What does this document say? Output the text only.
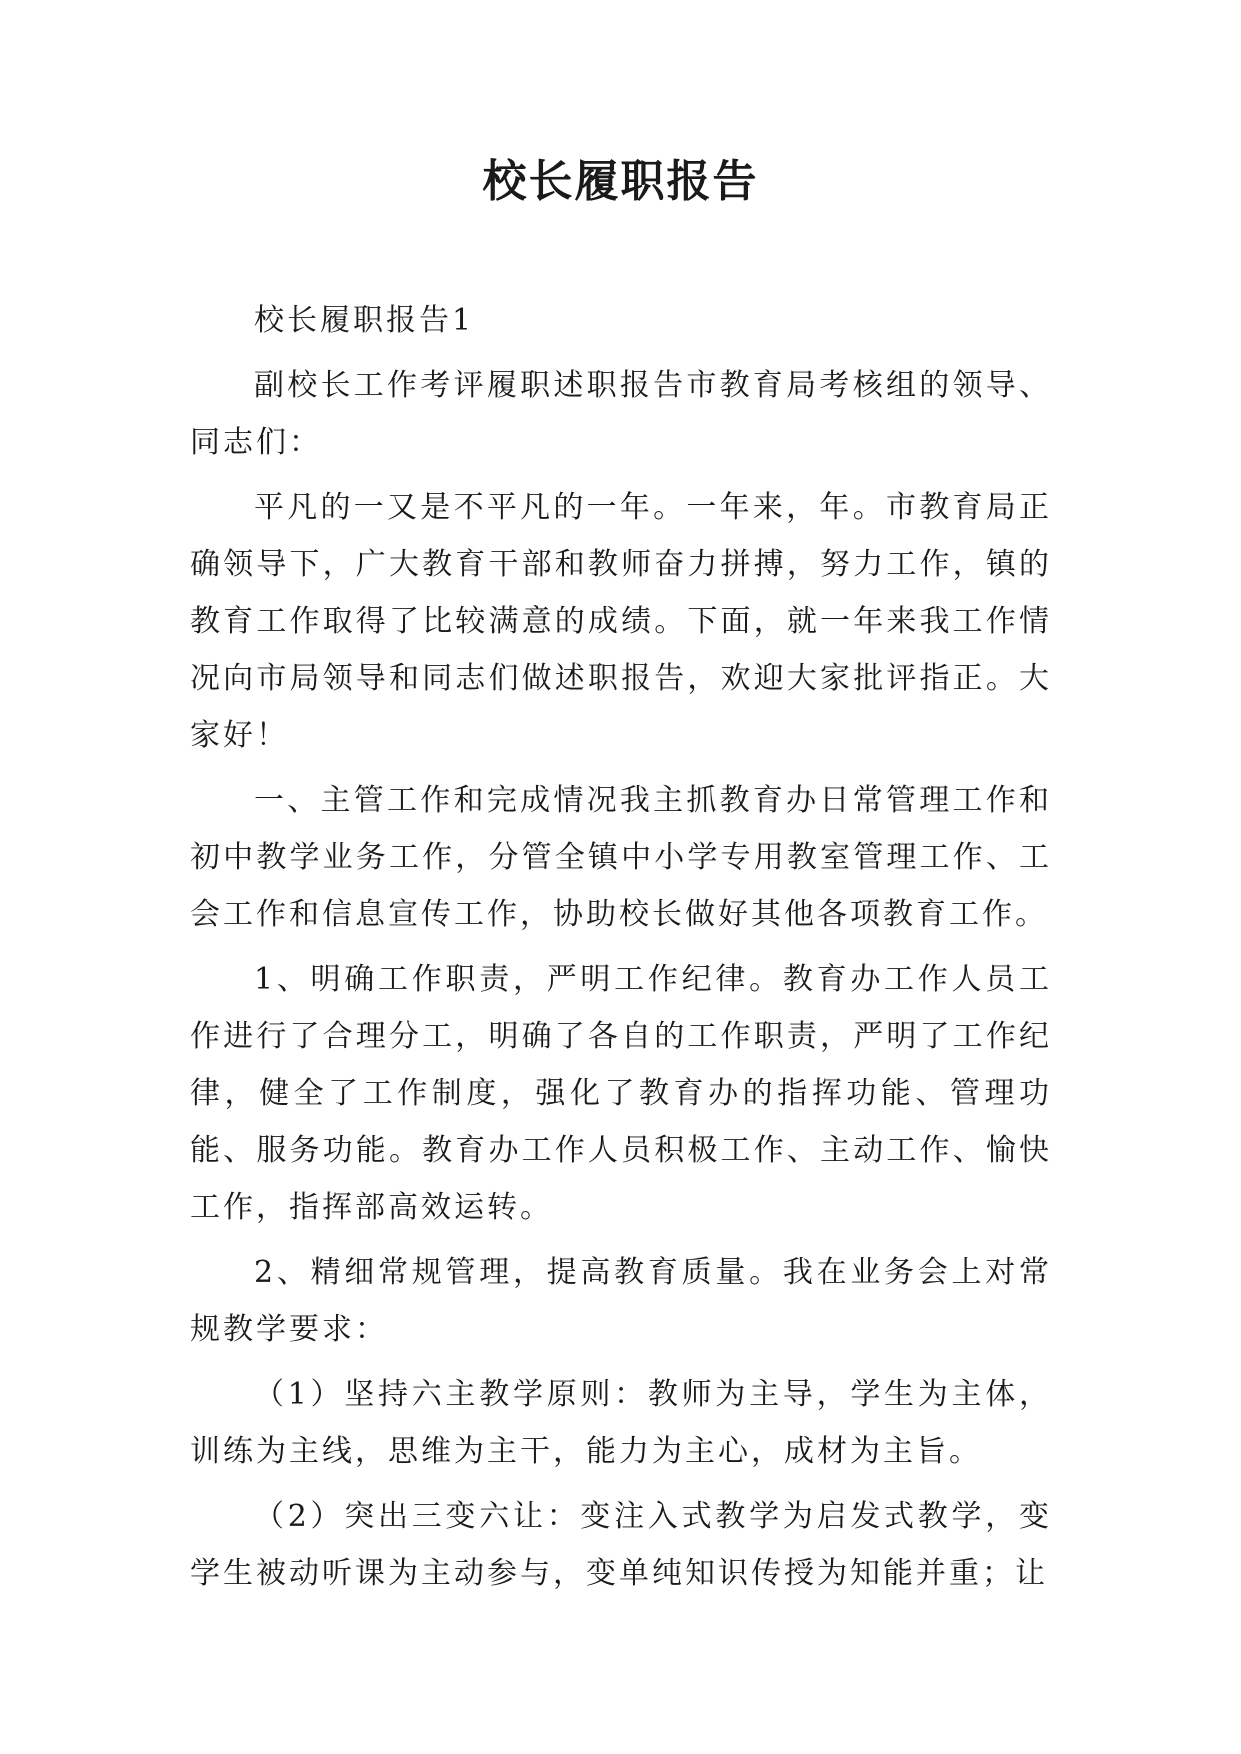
校长履职报告

校长履职报告1

副校长工作考评履职述职报告市教育局考核组的领导、同志们：

平凡的一又是不平凡的一年。一年来，年。市教育局正确领导下，广大教育干部和教师奋力拼搏，努力工作，镇的教育工作取得了比较满意的成绩。下面，就一年来我工作情况向市局领导和同志们做述职报告，欢迎大家批评指正。大家好！

一、主管工作和完成情况我主抓教育办日常管理工作和初中教学业务工作，分管全镇中小学专用教室管理工作、工会工作和信息宣传工作，协助校长做好其他各项教育工作。

1、明确工作职责，严明工作纪律。教育办工作人员工作进行了合理分工，明确了各自的工作职责，严明了工作纪律，健全了工作制度，强化了教育办的指挥功能、管理功能、服务功能。教育办工作人员积极工作、主动工作、愉快工作，指挥部高效运转。

2、精细常规管理，提高教育质量。我在业务会上对常规教学要求：

（1）坚持六主教学原则：教师为主导，学生为主体，训练为主线，思维为主干，能力为主心，成材为主旨。

（2）突出三变六让：变注入式教学为启发式教学，变学生被动听课为主动参与，变单纯知识传授为知能并重；让
